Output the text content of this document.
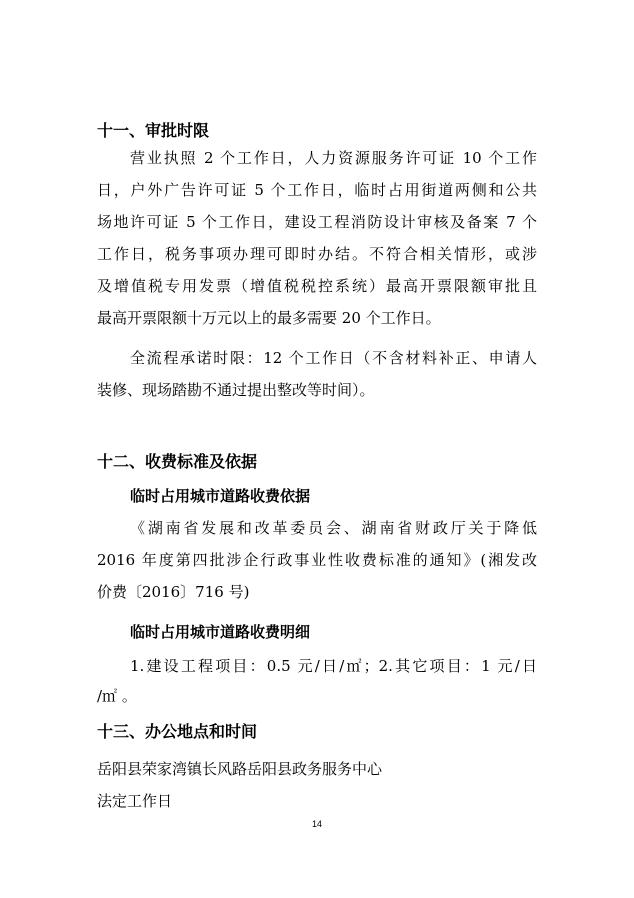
十一、审批时限
营业执照 2 个工作日，人力资源服务许可证 10 个工作
日，户外广告许可证 5 个工作日，临时占用街道两侧和公共
场地许可证 5 个工作日，建设工程消防设计审核及备案 7 个
工作日，税务事项办理可即时办结。不符合相关情形，或涉
及增值税专用发票（增值税税控系统）最高开票限额审批且
最高开票限额十万元以上的最多需要 20 个工作日。
全流程承诺时限：12 个工作日（不含材料补正、申请人
装修、现场踏勘不通过提出整改等时间）。
十二、收费标准及依据
临时占用城市道路收费依据
《湖南省发展和改革委员会、湖南省财政厅关于降低
2016 年度第四批涉企行政事业性收费标准的通知》(湘发改
价费〔2016〕716 号)
临时占用城市道路收费明细
1.建设工程项目：0.5 元/日/㎡；2.其它项目：1 元/日
/㎡ 。
十三、办公地点和时间
岳阳县荣家湾镇长风路岳阳县政务服务中心
法定工作日
14
